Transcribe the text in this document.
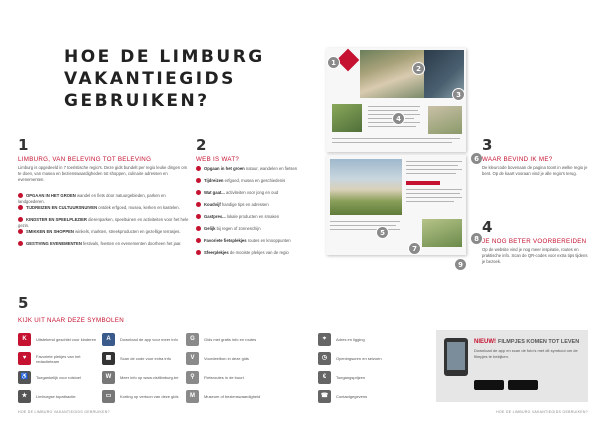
HOE DE LIMBURG
VAKANTIEGIDS
GEBRUIKEN?
1
LIMBURG, VAN BELEVING TOT BELEVING
Limburg is opgedeeld in 7 toeristische regio's. Deze gids bundelt per regio leuke dingen om te doen, van musea en bezienswaardigheden tot shoppen, culinaire adressen en evenementen.
OPGAAN IN HET GROEN wandel en fiets door natuurgebieden, parken en landgoederen.
TIJDREIZEN EN CULTUURSNUIVEN ontdek erfgoed, musea, kerken en kastelen.
KINDSTER EN SPEELPLEZIER dierenparken, speeltuinen en activiteiten voor het hele gezin.
SMIKKEN EN SHOPPEN winkels, markten, streekproducten en gezellige terrasjes.
GESTIVING EVENEMENTEN festivals, feesten en evenementen doorheen het jaar.
2
WEB IS WAT?
Opgaan in het groen natuur, wandelen en fietsen
Tijdreizen erfgoed, musea en geschiedenis
Wat gaat... activiteiten voor jong en oud
Koudvijf handige tips en adressen
Gastpres... lokale producten en smaken
Gelijk bij regen of zonneschijn
Favoriete fietsplekjes routes en knooppunten
Sfeerplekjes de mooiste plekjes van de regio
1
2
3
4
5
6
7
8
9
3
WAAR BEVIND IK ME?
De kleurcode bovenaan de pagina toont in welke regio je bent. Op de kaart vooraan vind je alle regio's terug.
4
JE NOG BETER VOORBEREIDEN
Op de website vind je nog meer inspiratie, routes en praktische info. Scan de QR-codes voor extra tips tijdens je bezoek.
5
KIJK UIT NAAR DEZE SYMBOLEN
K	Uitstekend geschikt voor kinderen
♥	Favoriete plekjes van het redactieteam
♿	Toegankelijk voor rolstoel
★	Limburgse topattractie
A	Download de app voor meer info
▦	Scan de code voor extra info
W	Meer info op www.visitlimburg.be
▭	Korting op vertoon van deze gids
G	Gids met gratis info en routes
V	Voordeelbon in deze gids
⚲	Fietsroutes in de buurt
M	Museum of bezienswaardigheid
⌖	Adres en ligging
◷	Openingsuren en seizoen
€	Toegangsprijzen
☎	Contactgegevens
NIEUW! FILMPJES KOMEN TOT LEVEN
Download de app en scan de foto's met dit symbool om de filmpjes te bekijken.
HOE DE LIMBURG VAKANTIEGIDS GEBRUIKEN?	HOE DE LIMBURG VAKANTIEGIDS GEBRUIKEN?
